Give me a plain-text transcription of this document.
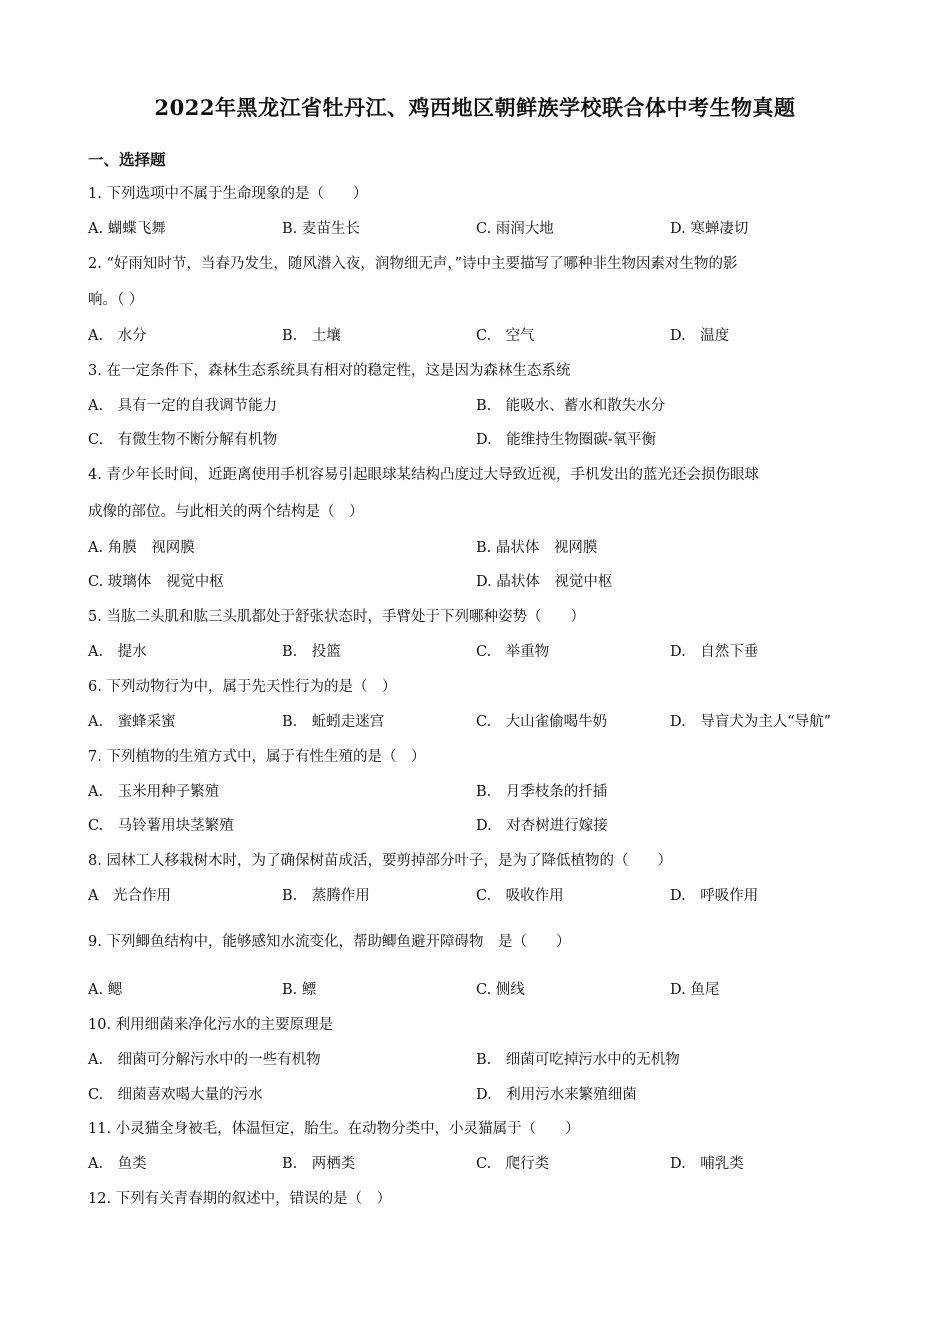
2022年黑龙江省牡丹江、鸡西地区朝鲜族学校联合体中考生物真题
一、选择题
1. 下列选项中不属于生命现象的是（　　）
A. 蝴蝶飞舞	B. 麦苗生长	C. 雨润大地	D. 寒蝉凄切
2. “好雨知时节，当春乃发生，随风潜入夜，润物细无声，”诗中主要描写了哪种非生物因素对生物的影
响。（ ）
A.　水分	B.　土壤	C.　空气	D.　温度
3. 在一定条件下，森林生态系统具有相对的稳定性，这是因为森林生态系统
A.　具有一定的自我调节能力	B.　能吸水、蓄水和散失水分
C.　有微生物不断分解有机物	D.　能维持生物圈碳-氧平衡
4. 青少年长时间，近距离使用手机容易引起眼球某结构凸度过大导致近视，手机发出的蓝光还会损伤眼球
成像的部位。与此相关的两个结构是（　）
A. 角膜　视网膜	B. 晶状体　视网膜
C. 玻璃体　视觉中枢	D. 晶状体　视觉中枢
5. 当肱二头肌和肱三头肌都处于舒张状态时，手臂处于下列哪种姿势（　　）
A.　提水	B.　投篮	C.　举重物	D.　自然下垂
6. 下列动物行为中，属于先天性行为的是（　）
A.　蜜蜂采蜜	B.　蚯蚓走迷宫	C.　大山雀偷喝牛奶	D.　导盲犬为主人“导航”
7. 下列植物的生殖方式中，属于有性生殖的是（　）
A.　玉米用种子繁殖	B.　月季枝条的扦插
C.　马铃薯用块茎繁殖	D.　对杏树进行嫁接
8. 园林工人移栽树木时，为了确保树苗成活，要剪掉部分叶子，是为了降低植物的（　　）
A　光合作用	B.　蒸腾作用	C.　吸收作用	D.　呼吸作用
9. 下列鲫鱼结构中，能够感知水流变化，帮助鲫鱼避开障碍物　是（　　）
A. 鳃	B. 鳔	C. 侧线	D. 鱼尾
10. 利用细菌来净化污水的主要原理是
A.　细菌可分解污水中的一些有机物	B.　细菌可吃掉污水中的无机物
C.　细菌喜欢喝大量的污水	D.　利用污水来繁殖细菌
11. 小灵猫全身被毛，体温恒定，胎生。在动物分类中，小灵猫属于（　　）
A.　鱼类	B.　两栖类	C.　爬行类	D.　哺乳类
12. 下列有关青春期的叙述中，错误的是（　）
